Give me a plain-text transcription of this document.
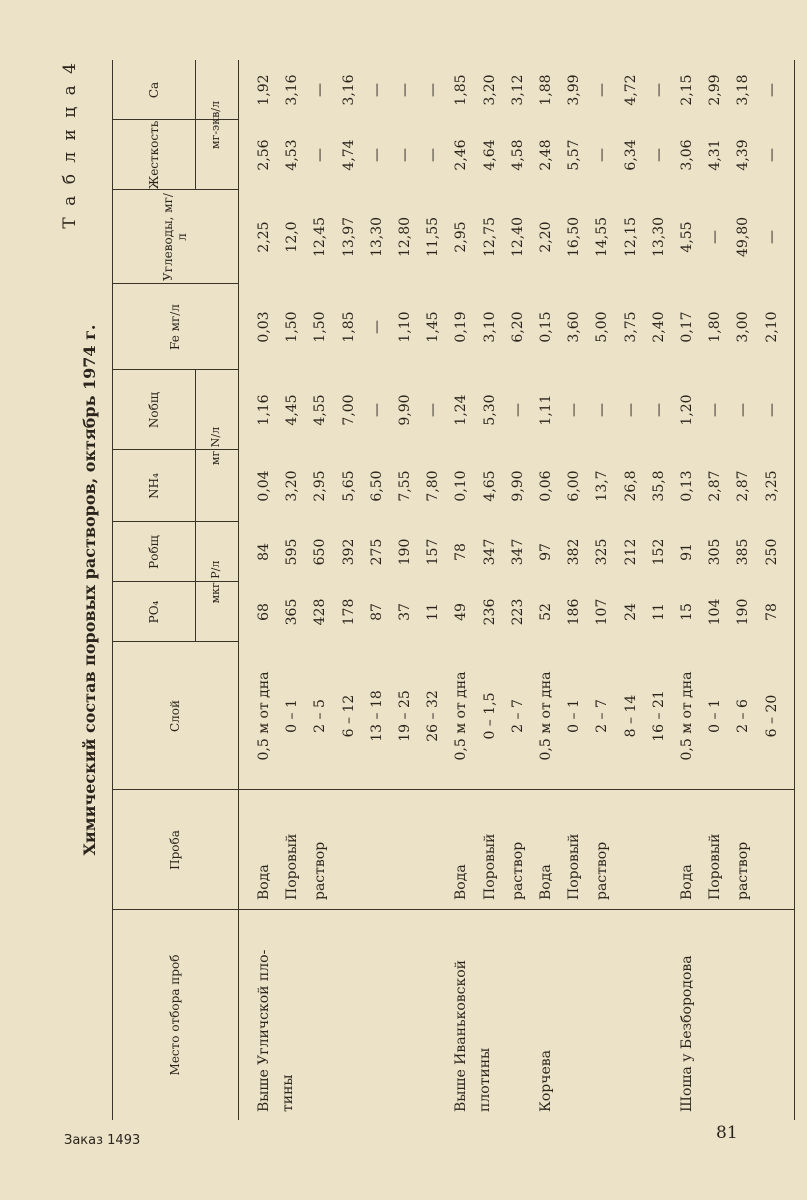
Т а б л и ц а 4
Химический состав поровых растворов, октябрь 1974 г.
Место отбора проб
Проба
Слой
PO₄
Pобщ
NH₄
Nобщ
Fe мг/л
Углеводы, мг/л
Жесткость
Ca
мкг P/л
мг N/л
мг-экв/л
Выше Угличской пло- тины
Вода
0,5 м от дна
68
84
0,04
1,16
0,03
2,25
2,56
1,92
Поровый
0 – 1
365
595
3,20
4,45
1,50
12,0
4,53
3,16
раствор
2 – 5
428
650
2,95
4,55
1,50
12,45
—
—
6 – 12
178
392
5,65
7,00
1,85
13,97
4,74
3,16
13 – 18
87
275
6,50
—
—
13,30
—
—
19 – 25
37
190
7,55
9,90
1,10
12,80
—
—
26 – 32
11
157
7,80
—
1,45
11,55
—
—
Выше Иваньковской плотины
Вода
0,5 м от дна
49
78
0,10
1,24
0,19
2,95
2,46
1,85
Поровый
0 – 1,5
236
347
4,65
5,30
3,10
12,75
4,64
3,20
раствор
2 – 7
223
347
9,90
—
6,20
12,40
4,58
3,12
Корчева
Вода
0,5 м от дна
52
97
0,06
1,11
0,15
2,20
2,48
1,88
Поровый
0 – 1
186
382
6,00
—
3,60
16,50
5,57
3,99
раствор
2 – 7
107
325
13,7
—
5,00
14,55
—
—
8 – 14
24
212
26,8
—
3,75
12,15
6,34
4,72
16 – 21
11
152
35,8
—
2,40
13,30
—
—
Шоша у Безбородова
Вода
0,5 м от дна
15
91
0,13
1,20
0,17
4,55
3,06
2,15
Поровый
0 – 1
104
305
2,87
—
1,80
—
4,31
2,99
раствор
2 – 6
190
385
2,87
—
3,00
49,80
4,39
3,18
6 – 20
78
250
3,25
—
2,10
—
—
—
Заказ 1493	81
